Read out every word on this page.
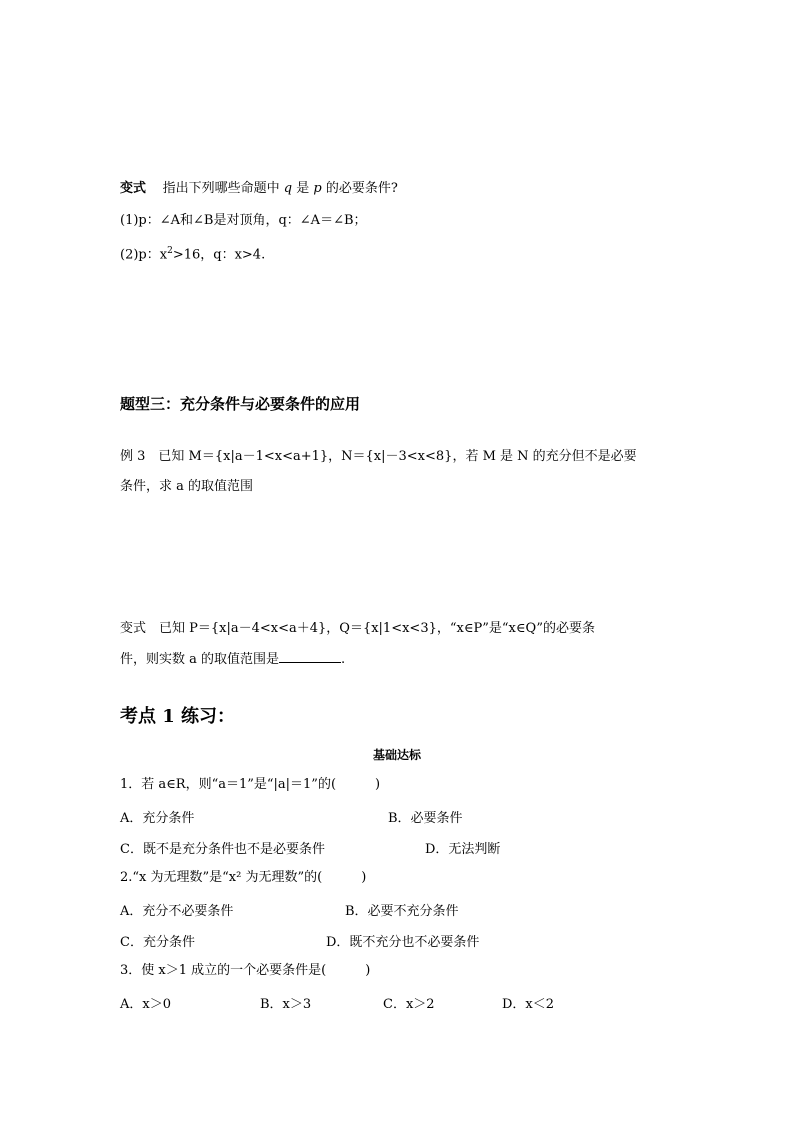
变式 指出下列哪些命题中 q 是 p 的必要条件?
(1)p：∠A和∠B是对顶角，q：∠A＝∠B；
(2)p：$x^2>16$，q：x>4.
题型三：充分条件与必要条件的应用
例 3　已知 M＝{x|a－1<x<a+1}，N＝{x|－3<x<8}，若 M 是 N 的充分但不是必要
条件，求 a 的取值范围
变式　已知 P＝{x|a－4<x<a＋4}，Q＝{x|1<x<3}，“x∈P”是“x∈Q”的必要条
件，则实数 a 的取值范围是	.
考点 1 练习：
基础达标
1．若 a∈R，则“a＝1”是“|a|＝1”的(　　　)
A．充分条件	B．必要条件
C．既不是充分条件也不是必要条件	D．无法判断
2.“x 为无理数”是“x² 为无理数”的(　　　)
A．充分不必要条件	B．必要不充分条件
C．充分条件	D．既不充分也不必要条件
3．使 x＞1 成立的一个必要条件是(　　　)
A．x＞0	B．x＞3	C．x＞2	D．x＜2
